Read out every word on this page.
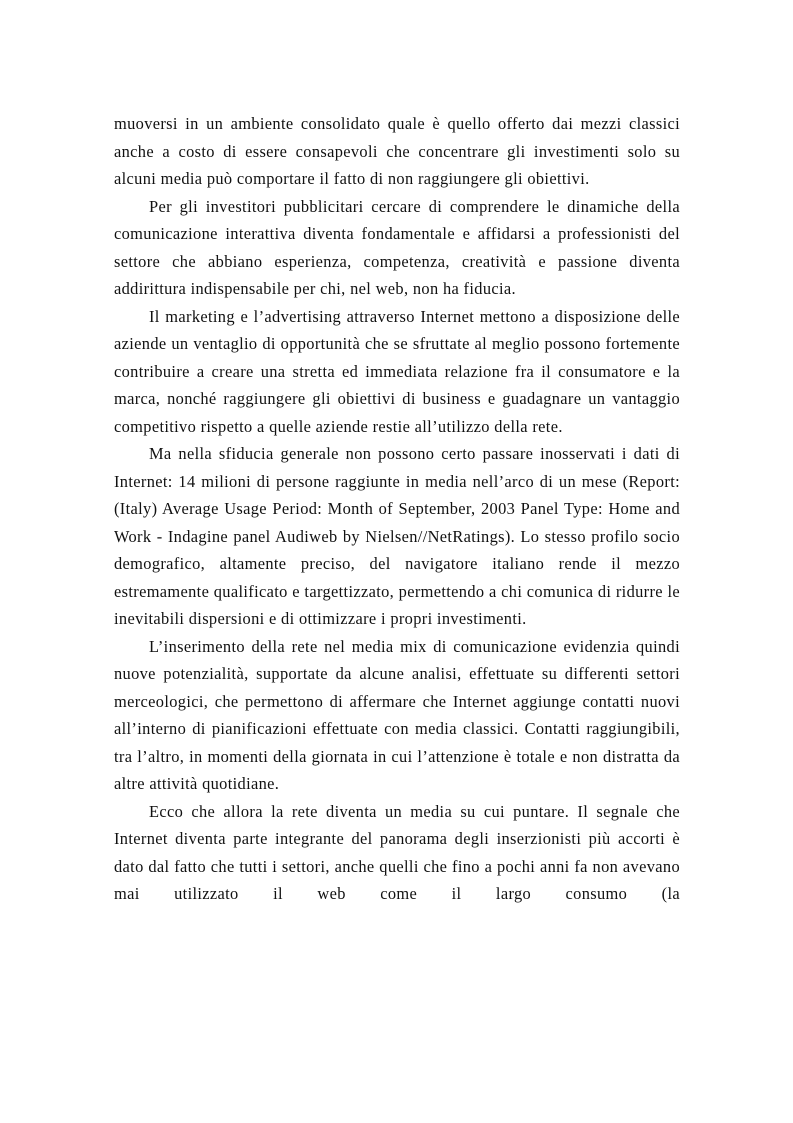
muoversi in un ambiente consolidato quale è quello offerto dai mezzi classici anche a costo di essere consapevoli che concentrare gli investimenti solo su alcuni media può comportare il fatto di non raggiungere gli obiettivi.

Per gli investitori pubblicitari cercare di comprendere le dinamiche della comunicazione interattiva diventa fondamentale e affidarsi a professionisti del settore che abbiano esperienza, competenza, creatività e passione diventa addirittura indispensabile per chi, nel web, non ha fiducia.

Il marketing e l’advertising attraverso Internet mettono a disposizione delle aziende un ventaglio di opportunità che se sfruttate al meglio possono fortemente contribuire a creare una stretta ed immediata relazione fra il consumatore e la marca, nonché raggiungere gli obiettivi di business e guadagnare un vantaggio competitivo rispetto a quelle aziende restie all’utilizzo della rete.

Ma nella sfiducia generale non possono certo passare inosservati i dati di Internet: 14 milioni di persone raggiunte in media nell’arco di un mese (Report: (Italy) Average Usage Period: Month of September, 2003 Panel Type: Home and Work - Indagine panel Audiweb by Nielsen//NetRatings). Lo stesso profilo socio demografico, altamente preciso, del navigatore italiano rende il mezzo estremamente qualificato e targettizzato, permettendo a chi comunica di ridurre le inevitabili dispersioni e di ottimizzare i propri investimenti.

L’inserimento della rete nel media mix di comunicazione evidenzia quindi nuove potenzialità, supportate da alcune analisi, effettuate su differenti settori merceologici, che permettono di affermare che Internet aggiunge contatti nuovi all’interno di pianificazioni effettuate con media classici. Contatti raggiungibili, tra l’altro, in momenti della giornata in cui l’attenzione è totale e non distratta da altre attività quotidiane.

Ecco che allora la rete diventa un media su cui puntare. Il segnale che Internet diventa parte integrante del panorama degli inserzionisti più accorti è dato dal fatto che tutti i settori, anche quelli che fino a pochi anni fa non avevano mai utilizzato il web come il largo consumo (la
